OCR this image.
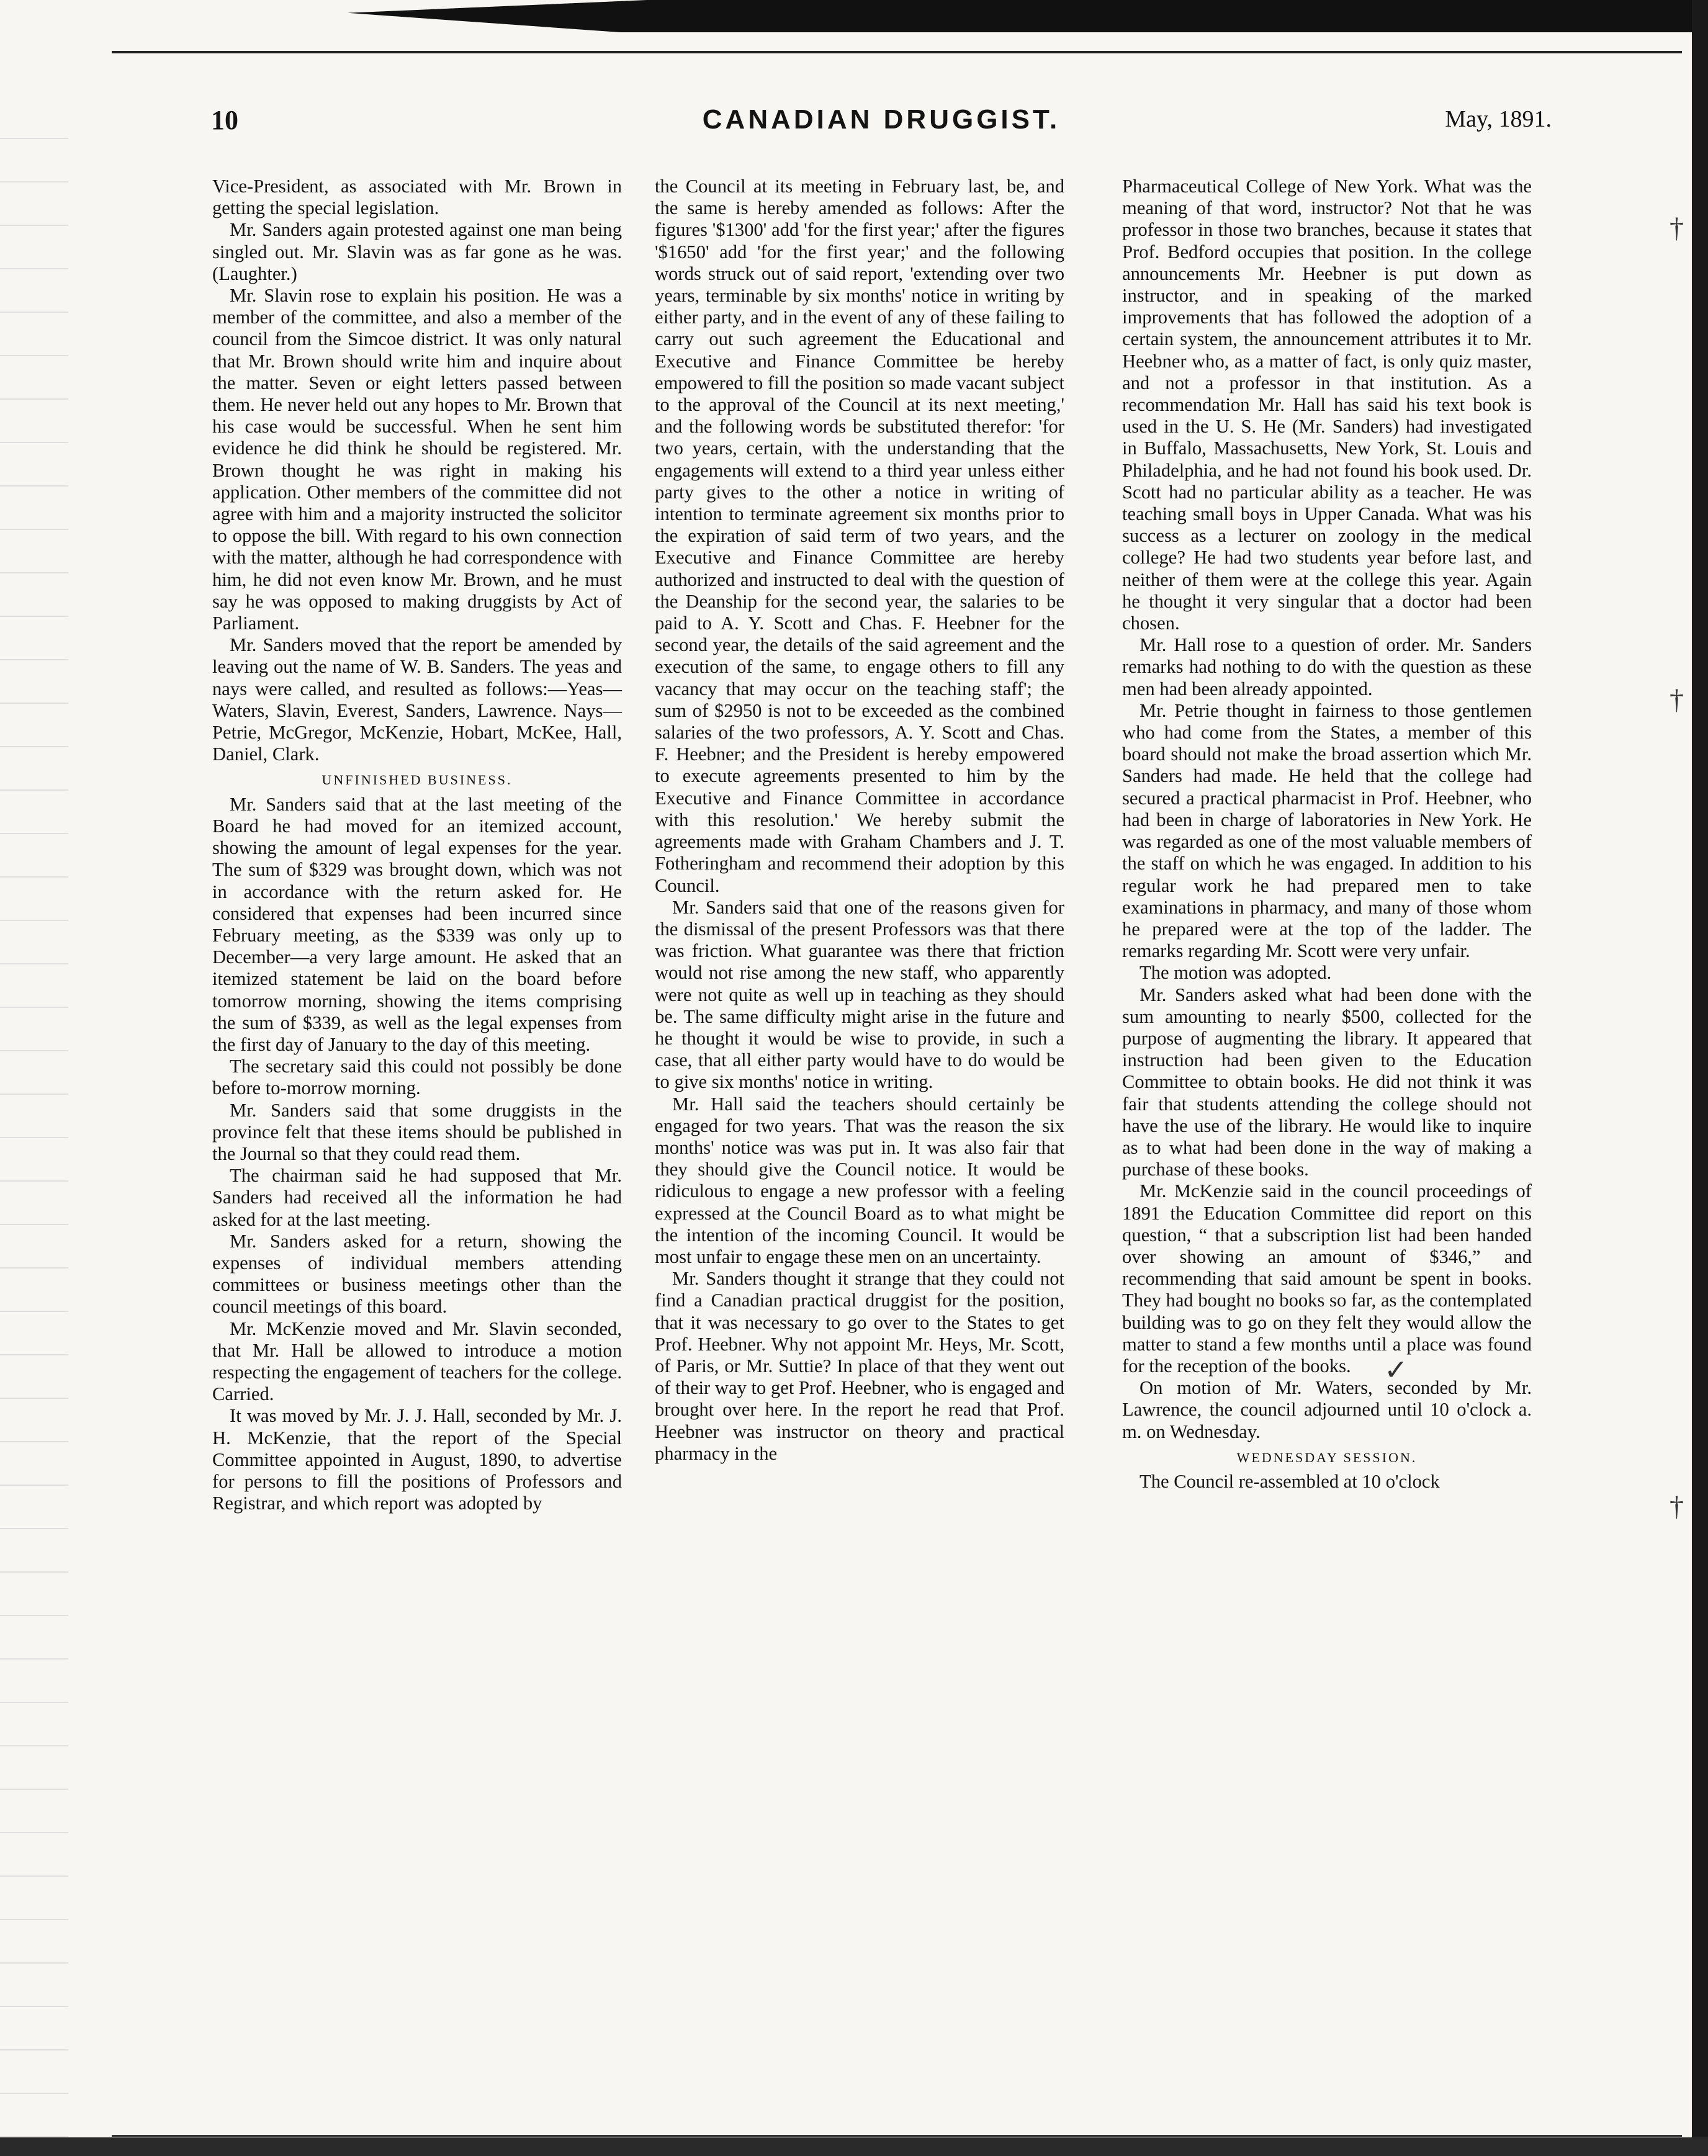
10	CANADIAN DRUGGIST.	May, 1891.

Vice-President, as associated with Mr. Brown in getting the special legislation.

Mr. Sanders again protested against one man being singled out. Mr. Slavin was as far gone as he was. (Laughter.)

Mr. Slavin rose to explain his position. He was a member of the committee, and also a member of the council from the Simcoe district. It was only natural that Mr. Brown should write him and inquire about the matter. Seven or eight letters passed between them. He never held out any hopes to Mr. Brown that his case would be successful. When he sent him evidence he did think he should be registered. Mr. Brown thought he was right in making his application. Other members of the committee did not agree with him and a majority instructed the solicitor to oppose the bill. With regard to his own connection with the matter, although he had correspondence with him, he did not even know Mr. Brown, and he must say he was opposed to making druggists by Act of Parliament.

Mr. Sanders moved that the report be amended by leaving out the name of W. B. Sanders. The yeas and nays were called, and resulted as follows:—Yeas—Waters, Slavin, Everest, Sanders, Lawrence. Nays—Petrie, McGregor, McKenzie, Hobart, McKee, Hall, Daniel, Clark.

UNFINISHED BUSINESS.

Mr. Sanders said that at the last meeting of the Board he had moved for an itemized account, showing the amount of legal expenses for the year. The sum of $329 was brought down, which was not in accordance with the return asked for. He considered that expenses had been incurred since February meeting, as the $339 was only up to December—a very large amount. He asked that an itemized statement be laid on the board before tomorrow morning, showing the items comprising the sum of $339, as well as the legal expenses from the first day of January to the day of this meeting.

The secretary said this could not possibly be done before to-morrow morning.

Mr. Sanders said that some druggists in the province felt that these items should be published in the Journal so that they could read them.

The chairman said he had supposed that Mr. Sanders had received all the information he had asked for at the last meeting.

Mr. Sanders asked for a return, showing the expenses of individual members attending committees or business meetings other than the council meetings of this board.

Mr. McKenzie moved and Mr. Slavin seconded, that Mr. Hall be allowed to introduce a motion respecting the engagement of teachers for the college. Carried.

It was moved by Mr. J. J. Hall, seconded by Mr. J. H. McKenzie, that the report of the Special Committee appointed in August, 1890, to advertise for persons to fill the positions of Professors and Registrar, and which report was adopted by

the Council at its meeting in February last, be, and the same is hereby amended as follows: After the figures '$1300' add 'for the first year;' after the figures '$1650' add 'for the first year;' and the following words struck out of said report, 'extending over two years, terminable by six months' notice in writing by either party, and in the event of any of these failing to carry out such agreement the Educational and Executive and Finance Committee be hereby empowered to fill the position so made vacant subject to the approval of the Council at its next meeting,' and the following words be substituted therefor: 'for two years, certain, with the understanding that the engagements will extend to a third year unless either party gives to the other a notice in writing of intention to terminate agreement six months prior to the expiration of said term of two years, and the Executive and Finance Committee are hereby authorized and instructed to deal with the question of the Deanship for the second year, the salaries to be paid to A. Y. Scott and Chas. F. Heebner for the second year, the details of the said agreement and the execution of the same, to engage others to fill any vacancy that may occur on the teaching staff'; the sum of $2950 is not to be exceeded as the combined salaries of the two professors, A. Y. Scott and Chas. F. Heebner; and the President is hereby empowered to execute agreements presented to him by the Executive and Finance Committee in accordance with this resolution.' We hereby submit the agreements made with Graham Chambers and J. T. Fotheringham and recommend their adoption by this Council.

Mr. Sanders said that one of the reasons given for the dismissal of the present Professors was that there was friction. What guarantee was there that friction would not rise among the new staff, who apparently were not quite as well up in teaching as they should be. The same difficulty might arise in the future and he thought it would be wise to provide, in such a case, that all either party would have to do would be to give six months' notice in writing.

Mr. Hall said the teachers should certainly be engaged for two years. That was the reason the six months' notice was was put in. It was also fair that they should give the Council notice. It would be ridiculous to engage a new professor with a feeling expressed at the Council Board as to what might be the intention of the incoming Council. It would be most unfair to engage these men on an uncertainty.

Mr. Sanders thought it strange that they could not find a Canadian practical druggist for the position, that it was necessary to go over to the States to get Prof. Heebner. Why not appoint Mr. Heys, Mr. Scott, of Paris, or Mr. Suttie? In place of that they went out of their way to get Prof. Heebner, who is engaged and brought over here. In the report he read that Prof. Heebner was instructor on theory and practical pharmacy in the

Pharmaceutical College of New York. What was the meaning of that word, instructor? Not that he was professor in those two branches, because it states that Prof. Bedford occupies that position. In the college announcements Mr. Heebner is put down as instructor, and in speaking of the marked improvements that has followed the adoption of a certain system, the announcement attributes it to Mr. Heebner who, as a matter of fact, is only quiz master, and not a professor in that institution. As a recommendation Mr. Hall has said his text book is used in the U. S. He (Mr. Sanders) had investigated in Buffalo, Massachusetts, New York, St. Louis and Philadelphia, and he had not found his book used. Dr. Scott had no particular ability as a teacher. He was teaching small boys in Upper Canada. What was his success as a lecturer on zoology in the medical college? He had two students year before last, and neither of them were at the college this year. Again he thought it very singular that a doctor had been chosen.

Mr. Hall rose to a question of order. Mr. Sanders remarks had nothing to do with the question as these men had been already appointed.

Mr. Petrie thought in fairness to those gentlemen who had come from the States, a member of this board should not make the broad assertion which Mr. Sanders had made. He held that the college had secured a practical pharmacist in Prof. Heebner, who had been in charge of laboratories in New York. He was regarded as one of the most valuable members of the staff on which he was engaged. In addition to his regular work he had prepared men to take examinations in pharmacy, and many of those whom he prepared were at the top of the ladder. The remarks regarding Mr. Scott were very unfair.

The motion was adopted.

Mr. Sanders asked what had been done with the sum amounting to nearly $500, collected for the purpose of augmenting the library. It appeared that instruction had been given to the Education Committee to obtain books. He did not think it was fair that students attending the college should not have the use of the library. He would like to inquire as to what had been done in the way of making a purchase of these books.

Mr. McKenzie said in the council proceedings of 1891 the Education Committee did report on this question, “ that a subscription list had been handed over showing an amount of $346,” and recommending that said amount be spent in books. They had bought no books so far, as the contemplated building was to go on they felt they would allow the matter to stand a few months until a place was found for the reception of the books.

On motion of Mr. Waters, seconded by Mr. Lawrence, the council adjourned until 10 o'clock a. m. on Wednesday.

WEDNESDAY SESSION.

The Council re-assembled at 10 o'clock

✓
†
†
†
